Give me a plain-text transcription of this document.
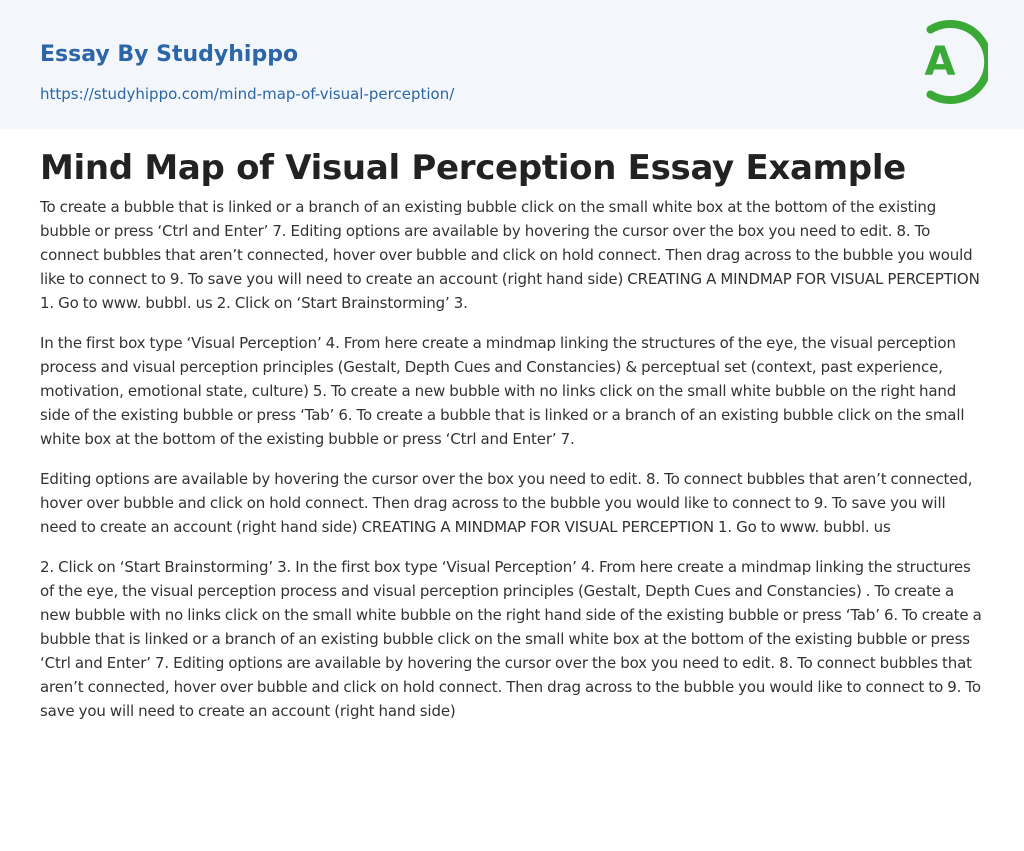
Essay By Studyhippo
https://studyhippo.com/mind-map-of-visual-perception/
A
Mind Map of Visual Perception Essay Example

To create a bubble that is linked or a branch of an existing bubble click on the small white box at the bottom of the existing bubble or press ‘Ctrl and Enter’ 7. Editing options are available by hovering the cursor over the box you need to edit. 8. To connect bubbles that aren’t connected, hover over bubble and click on hold connect. Then drag across to the bubble you would like to connect to 9. To save you will need to create an account (right hand side) CREATING A MINDMAP FOR VISUAL PERCEPTION 1. Go to www. bubbl. us 2. Click on ‘Start Brainstorming’ 3.

In the first box type ‘Visual Perception’ 4. From here create a mindmap linking the structures of the eye, the visual perception process and visual perception principles (Gestalt, Depth Cues and Constancies) & perceptual set (context, past experience, motivation, emotional state, culture) 5. To create a new bubble with no links click on the small white bubble on the right hand side of the existing bubble or press ‘Tab’ 6. To create a bubble that is linked or a branch of an existing bubble click on the small white box at the bottom of the existing bubble or press ‘Ctrl and Enter’ 7.

Editing options are available by hovering the cursor over the box you need to edit. 8. To connect bubbles that aren’t connected, hover over bubble and click on hold connect. Then drag across to the bubble you would like to connect to 9. To save you will need to create an account (right hand side) CREATING A MINDMAP FOR VISUAL PERCEPTION 1. Go to www. bubbl. us

2. Click on ‘Start Brainstorming’ 3. In the first box type ‘Visual Perception’ 4. From here create a mindmap linking the structures of the eye, the visual perception process and visual perception principles (Gestalt, Depth Cues and Constancies) . To create a new bubble with no links click on the small white bubble on the right hand side of the existing bubble or press ‘Tab’ 6. To create a bubble that is linked or a branch of an existing bubble click on the small white box at the bottom of the existing bubble or press ‘Ctrl and Enter’ 7. Editing options are available by hovering the cursor over the box you need to edit. 8. To connect bubbles that aren’t connected, hover over bubble and click on hold connect. Then drag across to the bubble you would like to connect to 9. To save you will need to create an account (right hand side)
